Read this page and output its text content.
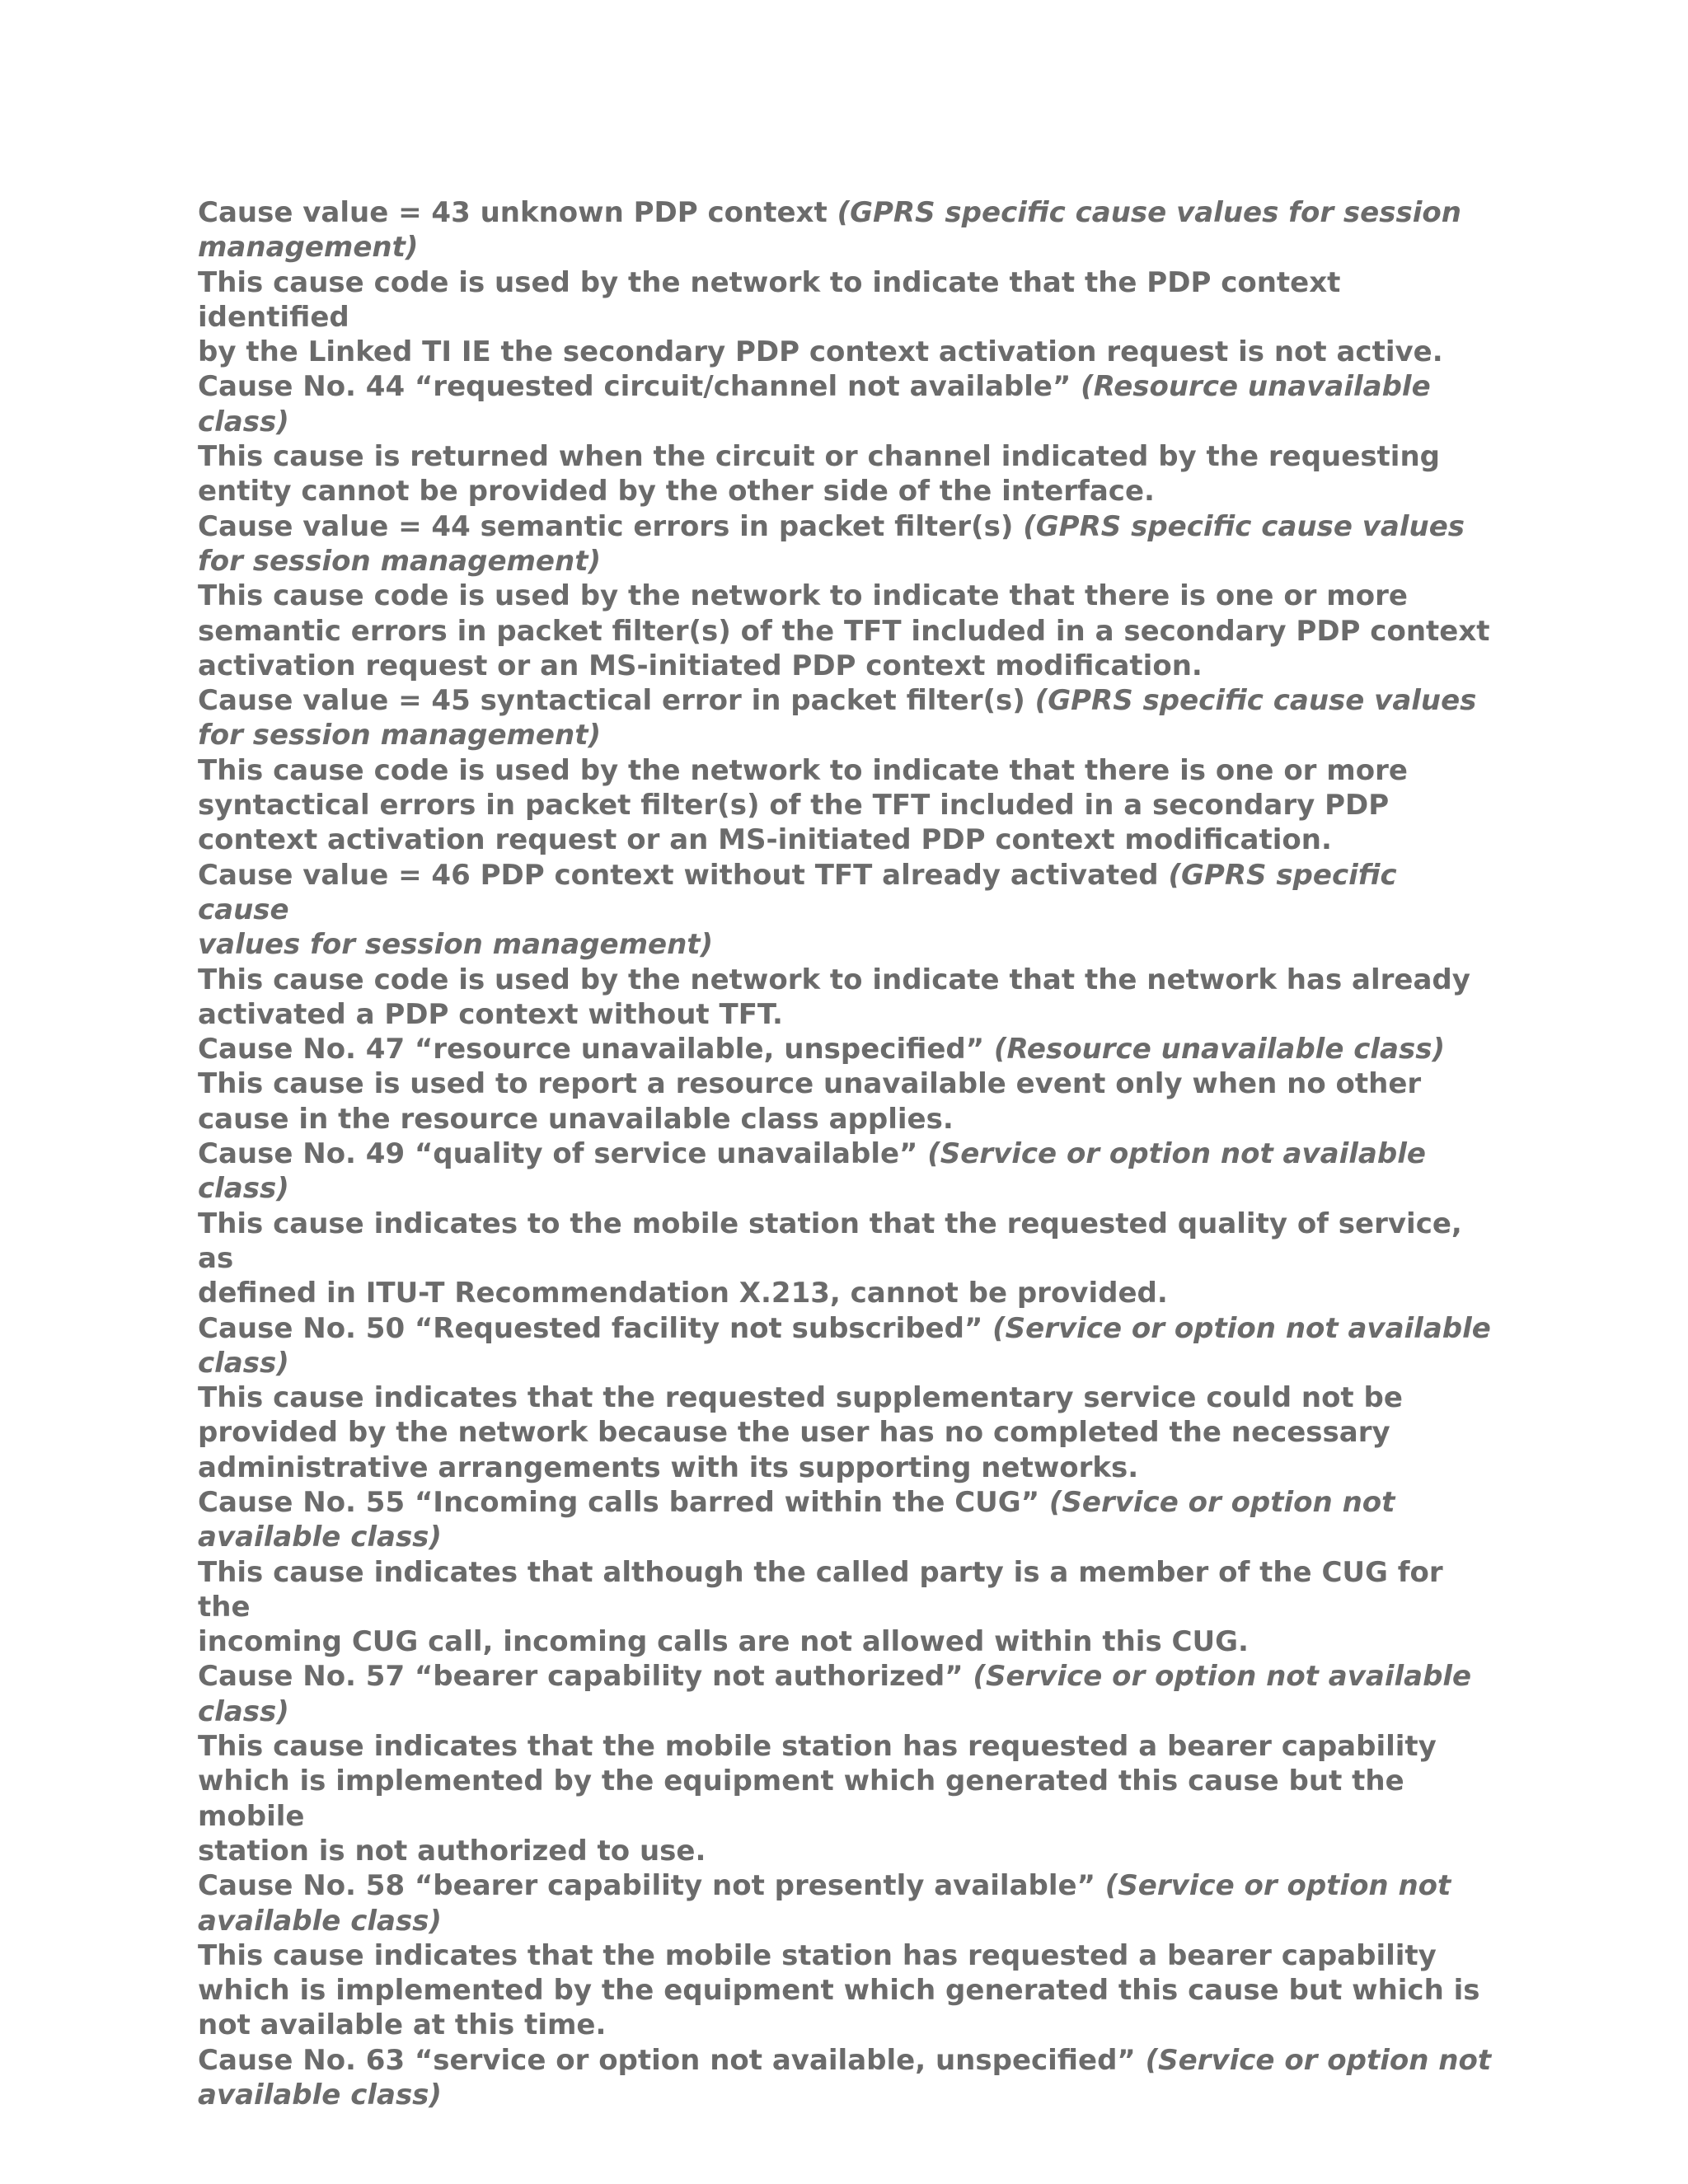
Cause value = 43 unknown PDP context (GPRS specific cause values for session
management)

This cause code is used by the network to indicate that the PDP context identified
by the Linked TI IE the secondary PDP context activation request is not active.

Cause No. 44 “requested circuit/channel not available” (Resource unavailable
class)

This cause is returned when the circuit or channel indicated by the requesting
entity cannot be provided by the other side of the interface.

Cause value = 44 semantic errors in packet filter(s) (GPRS specific cause values
for session management)

This cause code is used by the network to indicate that there is one or more
semantic errors in packet filter(s) of the TFT included in a secondary PDP context
activation request or an MS-initiated PDP context modification.

Cause value = 45 syntactical error in packet filter(s) (GPRS specific cause values
for session management)

This cause code is used by the network to indicate that there is one or more
syntactical errors in packet filter(s) of the TFT included in a secondary PDP
context activation request or an MS-initiated PDP context modification.

Cause value = 46 PDP context without TFT already activated (GPRS specific cause
values for session management)

This cause code is used by the network to indicate that the network has already
activated a PDP context without TFT.

Cause No. 47 “resource unavailable, unspecified” (Resource unavailable class)

This cause is used to report a resource unavailable event only when no other
cause in the resource unavailable class applies.

Cause No. 49 “quality of service unavailable” (Service or option not available
class)

This cause indicates to the mobile station that the requested quality of service, as
defined in ITU-T Recommendation X.213, cannot be provided.

Cause No. 50 “Requested facility not subscribed” (Service or option not available
class)

This cause indicates that the requested supplementary service could not be
provided by the network because the user has no completed the necessary
administrative arrangements with its supporting networks.

Cause No. 55 “Incoming calls barred within the CUG” (Service or option not
available class)

This cause indicates that although the called party is a member of the CUG for the
incoming CUG call, incoming calls are not allowed within this CUG.

Cause No. 57 “bearer capability not authorized” (Service or option not available
class)

This cause indicates that the mobile station has requested a bearer capability
which is implemented by the equipment which generated this cause but the mobile
station is not authorized to use.

Cause No. 58 “bearer capability not presently available” (Service or option not
available class)

This cause indicates that the mobile station has requested a bearer capability
which is implemented by the equipment which generated this cause but which is
not available at this time.

Cause No. 63 “service or option not available, unspecified” (Service or option not
available class)
